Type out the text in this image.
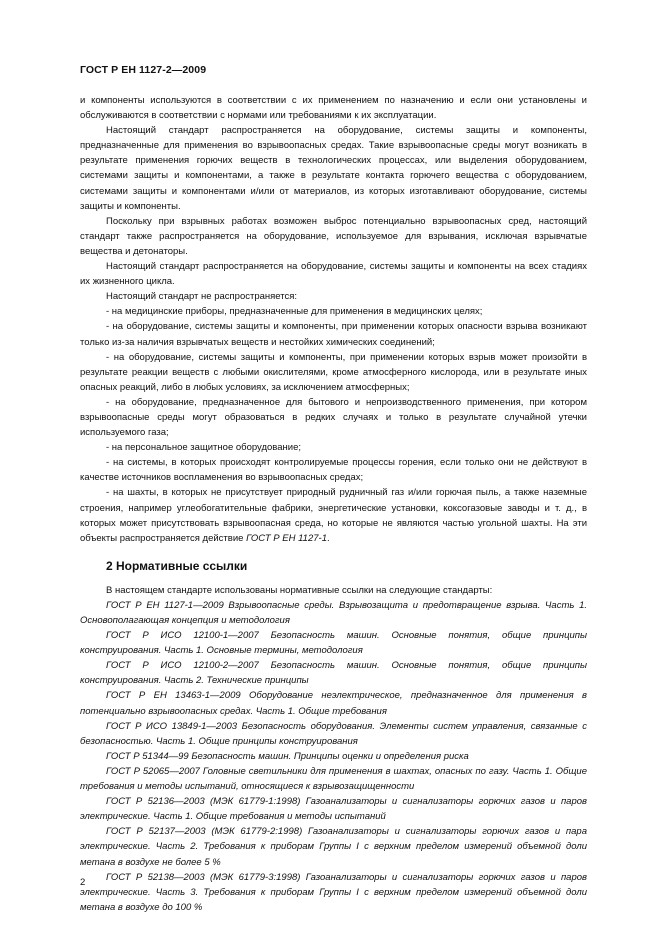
ГОСТ Р ЕН 1127-2—2009

и компоненты используются в соответствии с их применением по назначению и если они установлены и обслуживаются в соответствии с нормами или требованиями к их эксплуатации.

Настоящий стандарт распространяется на оборудование, системы защиты и компоненты, предназначенные для применения во взрывоопасных средах. Такие взрывоопасные среды могут возникать в результате применения горючих веществ в технологических процессах, или выделения оборудованием, системами защиты и компонентами, а также в результате контакта горючего вещества с оборудованием, системами защиты и компонентами и/или от материалов, из которых изготавливают оборудование, системы защиты и компоненты.

Поскольку при взрывных работах возможен выброс потенциально взрывоопасных сред, настоящий стандарт также распространяется на оборудование, используемое для взрывания, исключая взрывчатые вещества и детонаторы.

Настоящий стандарт распространяется на оборудование, системы защиты и компоненты на всех стадиях их жизненного цикла.

Настоящий стандарт не распространяется:

- на медицинские приборы, предназначенные для применения в медицинских целях;

- на оборудование, системы защиты и компоненты, при применении которых опасности взрыва возникают только из-за наличия взрывчатых веществ и нестойких химических соединений;

- на оборудование, системы защиты и компоненты, при применении которых взрыв может произойти в результате реакции веществ с любыми окислителями, кроме атмосферного кислорода, или в результате иных опасных реакций, либо в любых условиях, за исключением атмосферных;

- на оборудование, предназначенное для бытового и непроизводственного применения, при котором взрывоопасные среды могут образоваться в редких случаях и только в результате случайной утечки используемого газа;

- на персональное защитное оборудование;

- на системы, в которых происходят контролируемые процессы горения, если только они не действуют в качестве источников воспламенения во взрывоопасных средах;

- на шахты, в которых не присутствует природный рудничный газ и/или горючая пыль, а также наземные строения, например углеобогатительные фабрики, энергетические установки, коксогазовые заводы и т. д., в которых может присутствовать взрывоопасная среда, но которые не являются частью угольной шахты. На эти объекты распространяется действие ГОСТ Р ЕН 1127-1.

2 Нормативные ссылки

В настоящем стандарте использованы нормативные ссылки на следующие стандарты:

ГОСТ Р ЕН 1127-1—2009 Взрывоопасные среды. Взрывозащита и предотвращение взрыва. Часть 1. Основополагающая концепция и методология

ГОСТ Р ИСО 12100-1—2007 Безопасность машин. Основные понятия, общие принципы конструирования. Часть 1. Основные термины, методология

ГОСТ Р ИСО 12100-2—2007 Безопасность машин. Основные понятия, общие принципы конструирования. Часть 2. Технические принципы

ГОСТ Р ЕН 13463-1—2009 Оборудование неэлектрическое, предназначенное для применения в потенциально взрывоопасных средах. Часть 1. Общие требования

ГОСТ Р ИСО 13849-1—2003 Безопасность оборудования. Элементы систем управления, связанные с безопасностью. Часть 1. Общие принципы конструирования

ГОСТ Р 51344—99 Безопасность машин. Принципы оценки и определения риска

ГОСТ Р 52065—2007 Головные светильники для применения в шахтах, опасных по газу. Часть 1. Общие требования и методы испытаний, относящиеся к взрывозащищенности

ГОСТ Р 52136—2003 (МЭК 61779-1:1998) Газоанализаторы и сигнализаторы горючих газов и паров электрические. Часть 1. Общие требования и методы испытаний

ГОСТ Р 52137—2003 (МЭК 61779-2:1998) Газоанализаторы и сигнализаторы горючих газов и пара электрические. Часть 2. Требования к приборам Группы I с верхним пределом измерений объемной доли метана в воздухе не более 5 %

ГОСТ Р 52138—2003 (МЭК 61779-3:1998) Газоанализаторы и сигнализаторы горючих газов и паров электрические. Часть 3. Требования к приборам Группы I с верхним пределом измерений объемной доли метана в воздухе до 100 %

2
